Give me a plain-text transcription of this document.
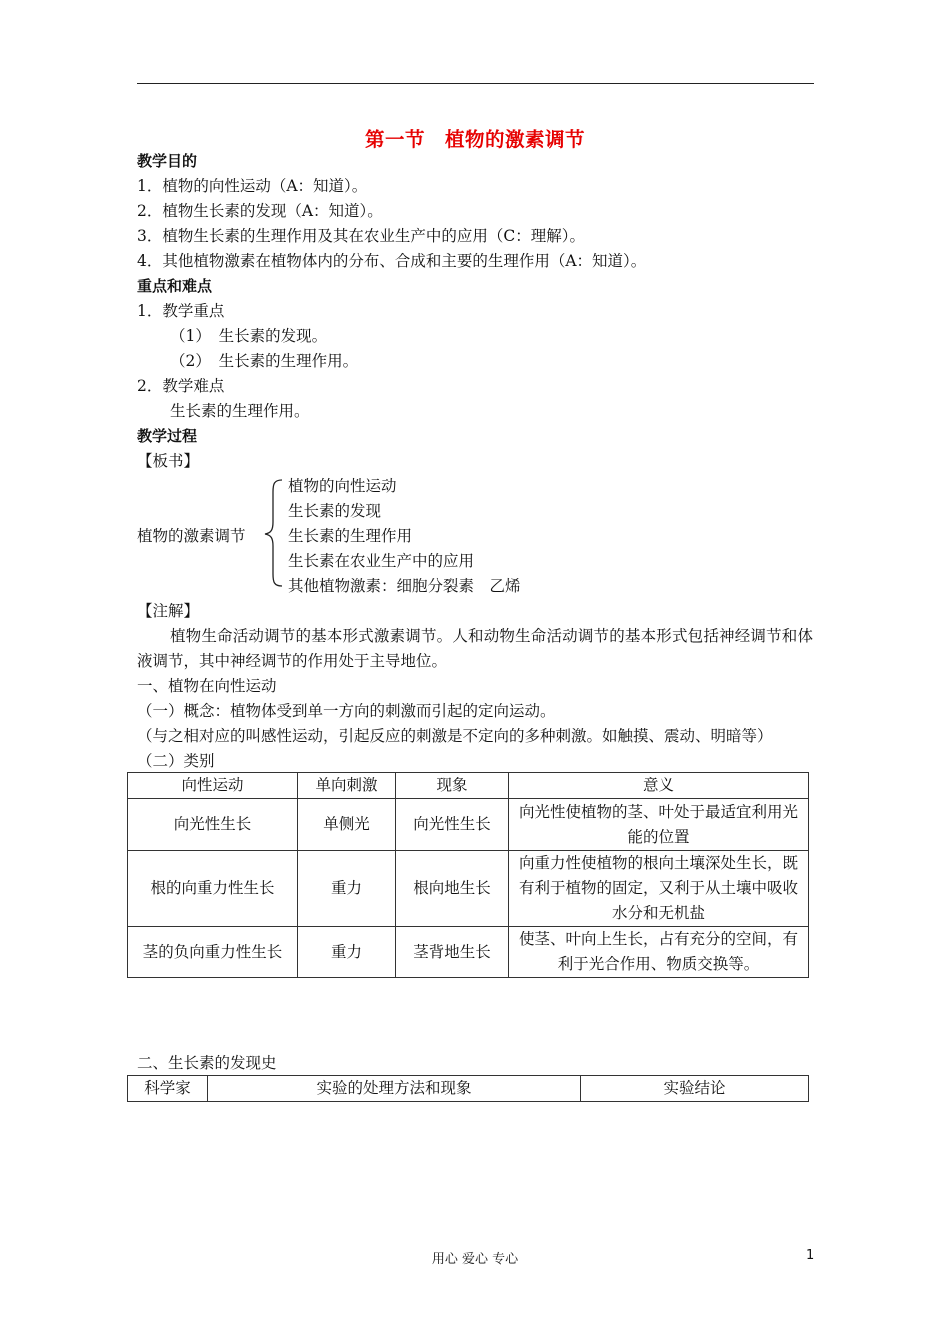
第一节　植物的激素调节
教学目的
1．植物的向性运动（A：知道）。
2．植物生长素的发现（A：知道）。
3．植物生长素的生理作用及其在农业生产中的应用（C：理解）。
4．其他植物激素在植物体内的分布、合成和主要的生理作用（A：知道）。
重点和难点
1．教学重点
（1）　生长素的发现。
（2）　生长素的生理作用。
2．教学难点
生长素的生理作用。
教学过程
【板书】
植物的激素调节
植物的向性运动
生长素的发现
生长素的生理作用
生长素在农业生产中的应用
其他植物激素：细胞分裂素　乙烯
【注解】
植物生命活动调节的基本形式激素调节。人和动物生命活动调节的基本形式包括神经调节和体液调节，其中神经调节的作用处于主导地位。
一、植物在向性运动
（一）概念：植物体受到单一方向的刺激而引起的定向运动。
（与之相对应的叫感性运动，引起反应的刺激是不定向的多种刺激。如触摸、震动、明暗等）
（二）类别
向性运动	单向刺激	现象	意义
向光性生长	单侧光	向光性生长	向光性使植物的茎、叶处于最适宜利用光能的位置
根的向重力性生长	重力	根向地生长	向重力性使植物的根向土壤深处生长，既有利于植物的固定，又利于从土壤中吸收水分和无机盐
茎的负向重力性生长	重力	茎背地生长	使茎、叶向上生长，占有充分的空间，有利于光合作用、物质交换等。
二、生长素的发现史
科学家	实验的处理方法和现象	实验结论
用心 爱心 专心	1
